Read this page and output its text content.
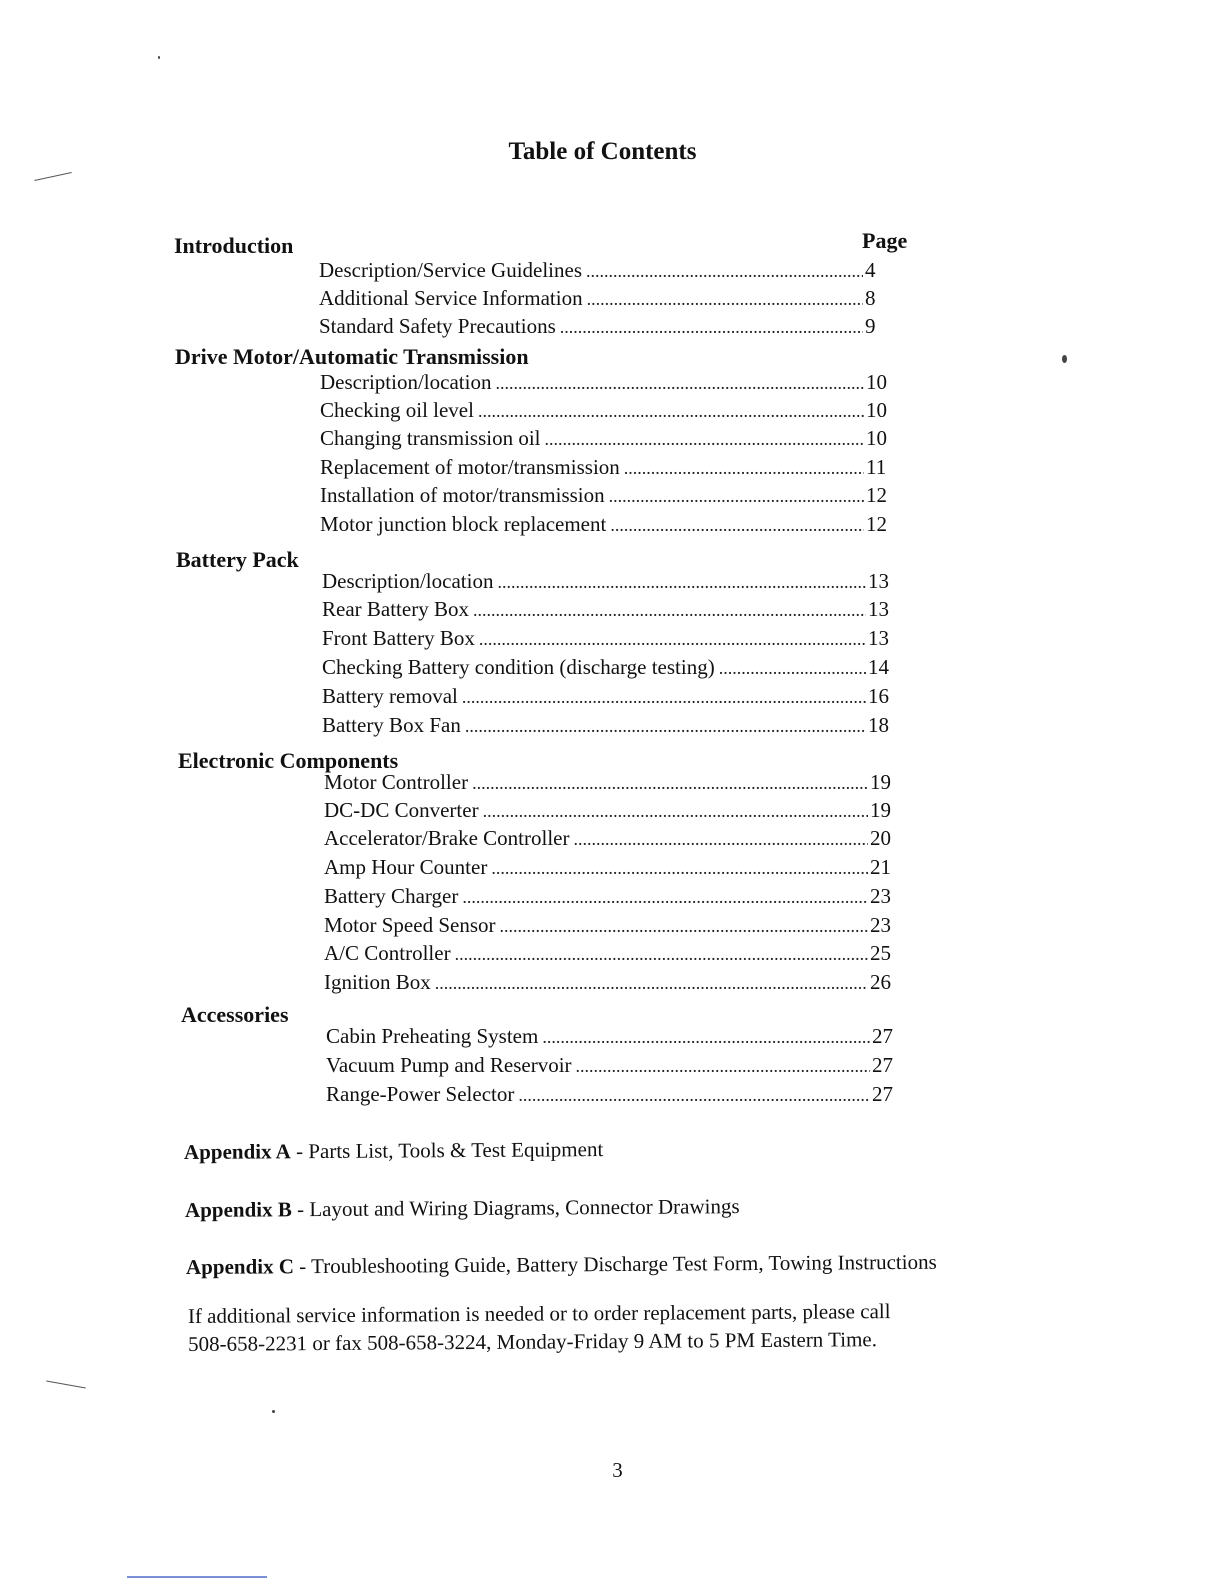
Table of Contents
Page
Introduction
Description/Service Guidelines .....	4
Additional Service Information .....	8
Standard Safety Precautions .....	9
Drive Motor/Automatic Transmission
Description/location .....	10
Checking oil level .....	10
Changing transmission oil .....	10
Replacement of motor/transmission .....	11
Installation of motor/transmission .....	12
Motor junction block replacement .....	12
Battery Pack
Description/location .....	13
Rear Battery Box .....	13
Front Battery Box .....	13
Checking Battery condition (discharge testing) .....	14
Battery removal .....	16
Battery Box Fan .....	18
Electronic Components
Motor Controller .....	19
DC-DC Converter .....	19
Accelerator/Brake Controller .....	20
Amp Hour Counter .....	21
Battery Charger .....	23
Motor Speed Sensor .....	23
A/C Controller .....	25
Ignition Box .....	26
Accessories
Cabin Preheating System .....	27
Vacuum Pump and Reservoir .....	27
Range-Power Selector .....	27
Appendix A - Parts List, Tools & Test Equipment
Appendix B - Layout and Wiring Diagrams, Connector Drawings
Appendix C - Troubleshooting Guide, Battery Discharge Test Form, Towing Instructions
If additional service information is needed or to order replacement parts, please call
508-658-2231 or fax 508-658-3224, Monday-Friday 9 AM to 5 PM Eastern Time.
3
